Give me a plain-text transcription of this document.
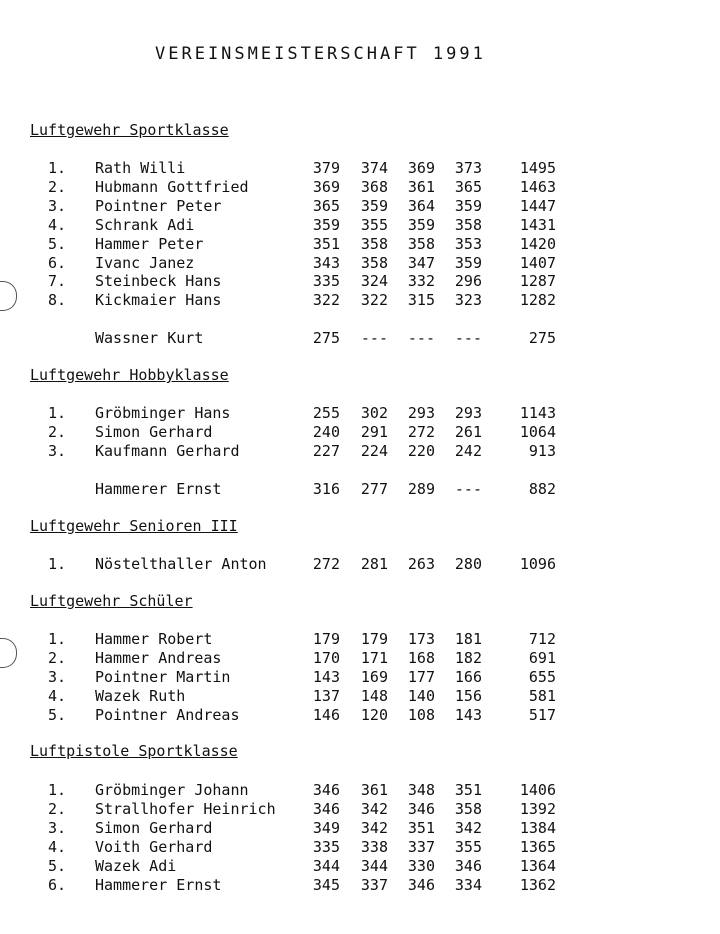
VEREINSMEISTERSCHAFT 1991
Luftgewehr Sportklasse
1. Rath Willi	379	374	369	373	1495
2. Hubmann Gottfried	369	368	361	365	1463
3. Pointner Peter	365	359	364	359	1447
4. Schrank Adi	359	355	359	358	1431
5. Hammer Peter	351	358	358	353	1420
6. Ivanc Janez	343	358	347	359	1407
7. Steinbeck Hans	335	324	332	296	1287
8. Kickmaier Hans	322	322	315	323	1282
Wassner Kurt	275	---	---	---	275
Luftgewehr Hobbyklasse
1. Gröbminger Hans	255	302	293	293	1143
2. Simon Gerhard	240	291	272	261	1064
3. Kaufmann Gerhard	227	224	220	242	913
Hammerer Ernst	316	277	289	---	882
Luftgewehr Senioren III
1. Nöstelthaller Anton	272	281	263	280	1096
Luftgewehr Schüler
1. Hammer Robert	179	179	173	181	712
2. Hammer Andreas	170	171	168	182	691
3. Pointner Martin	143	169	177	166	655
4. Wazek Ruth	137	148	140	156	581
5. Pointner Andreas	146	120	108	143	517
Luftpistole Sportklasse
1. Gröbminger Johann	346	361	348	351	1406
2. Strallhofer Heinrich	346	342	346	358	1392
3. Simon Gerhard	349	342	351	342	1384
4. Voith Gerhard	335	338	337	355	1365
5. Wazek Adi	344	344	330	346	1364
6. Hammerer Ernst	345	337	346	334	1362
